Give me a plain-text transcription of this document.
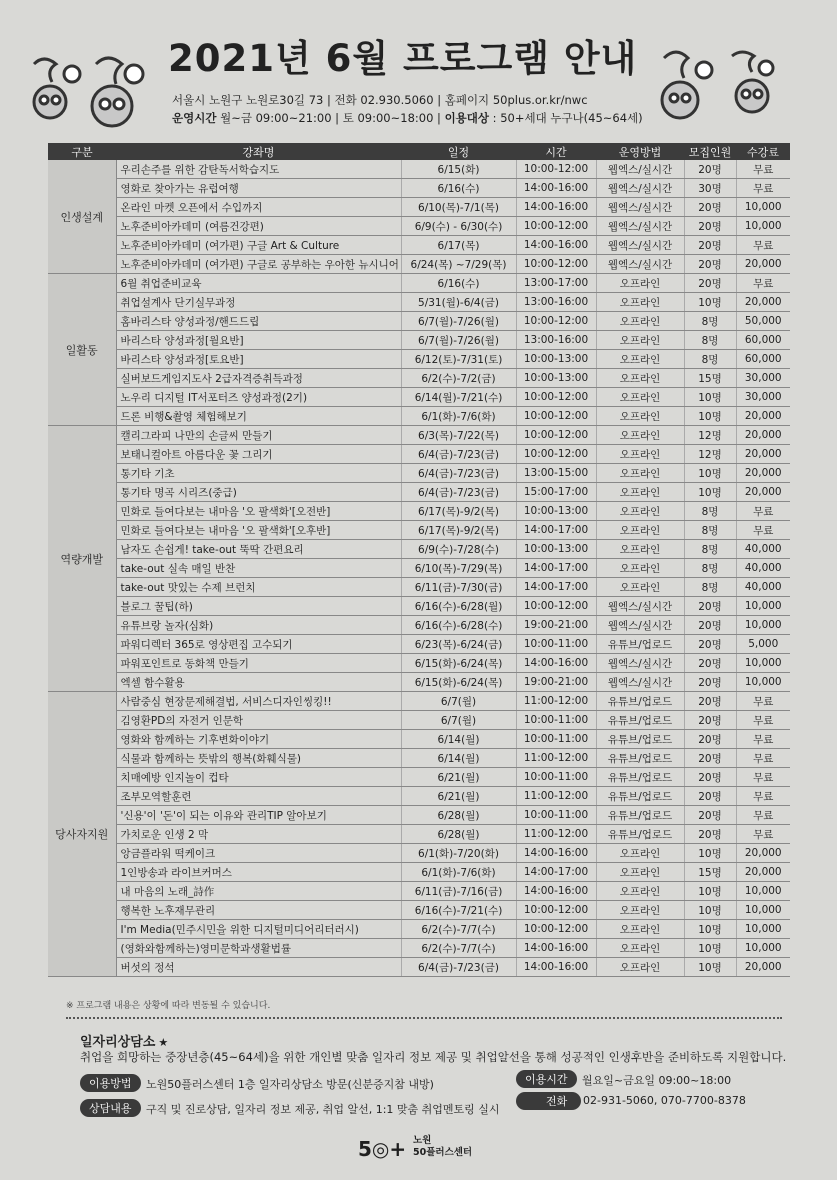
2021년 6월 프로그램 안내
서울시 노원구 노원로30길 73 | 전화 02.930.5060 | 홈페이지 50plus.or.kr/nwc
운영시간 월~금 09:00~21:00 | 토 09:00~18:00 | 이용대상 : 50+세대 누구나(45~64세)
구분	강좌명	일정	시간	운영방법	모집인원	수강료
인생설계	우리손주를 위한 감탄독서학습지도	6/15(화)	10:00-12:00	웹엑스/실시간	20명	무료
	영화로 찾아가는 유럽여행	6/16(수)	14:00-16:00	웹엑스/실시간	30명	무료
	온라인 마켓 오픈에서 수입까지	6/10(목)-7/1(목)	14:00-16:00	웹엑스/실시간	20명	10,000
	노후준비아카데미 (여름건강편)	6/9(수) - 6/30(수)	10:00-12:00	웹엑스/실시간	20명	10,000
	노후준비아카데미 (여가편) 구글 Art & Culture	6/17(목)	14:00-16:00	웹엑스/실시간	20명	무료
	노후준비아카데미 (여가편) 구글로 공부하는 우아한 뉴시니어	6/24(목) ~7/29(목)	10:00-12:00	웹엑스/실시간	20명	20,000
일활동	6월 취업준비교육	6/16(수)	13:00-17:00	오프라인	20명	무료
	취업설계사 단기실무과정	5/31(월)-6/4(금)	13:00-16:00	오프라인	10명	20,000
	홈바리스타 양성과정/핸드드립	6/7(월)-7/26(월)	10:00-12:00	오프라인	8명	50,000
	바리스타 양성과정[월요반]	6/7(월)-7/26(월)	13:00-16:00	오프라인	8명	60,000
	바리스타 양성과정[토요반]	6/12(토)-7/31(토)	10:00-13:00	오프라인	8명	60,000
	실버보드게임지도사 2급자격증취득과정	6/2(수)-7/2(금)	10:00-13:00	오프라인	15명	30,000
	노우리 디지털 IT서포터즈 양성과정(2기)	6/14(월)-7/21(수)	10:00-12:00	오프라인	10명	30,000
	드론 비행&촬영 체험해보기	6/1(화)-7/6(화)	10:00-12:00	오프라인	10명	20,000
역량개발	캘리그라피 나만의 손글씨 만들기	6/3(목)-7/22(목)	10:00-12:00	오프라인	12명	20,000
	보태니컬아트 아름다운 꽃 그리기	6/4(금)-7/23(금)	10:00-12:00	오프라인	12명	20,000
	통기타 기초	6/4(금)-7/23(금)	13:00-15:00	오프라인	10명	20,000
	통기타 명곡 시리즈(중급)	6/4(금)-7/23(금)	15:00-17:00	오프라인	10명	20,000
	민화로 들여다보는 내마음 '오 팔색화'[오전반]	6/17(목)-9/2(목)	10:00-13:00	오프라인	8명	무료
	민화로 들여다보는 내마음 '오 팔색화'[오후반]	6/17(목)-9/2(목)	14:00-17:00	오프라인	8명	무료
	남자도 손쉽게! take-out 뚝딱 간편요리	6/9(수)-7/28(수)	10:00-13:00	오프라인	8명	40,000
	take-out 실속 매일 반찬	6/10(목)-7/29(목)	14:00-17:00	오프라인	8명	40,000
	take-out 맛있는 수제 브런치	6/11(금)-7/30(금)	14:00-17:00	오프라인	8명	40,000
	블로그 꿀팁(하)	6/16(수)-6/28(월)	10:00-12:00	웹엑스/실시간	20명	10,000
	유튜브랑 놀자(심화)	6/16(수)-6/28(수)	19:00-21:00	웹엑스/실시간	20명	10,000
	파워디렉터 365로 영상편집 고수되기	6/23(목)-6/24(금)	10:00-11:00	유튜브/업로드	20명	5,000
	파워포인트로 동화책 만들기	6/15(화)-6/24(목)	14:00-16:00	웹엑스/실시간	20명	10,000
	엑셀 함수활용	6/15(화)-6/24(목)	19:00-21:00	웹엑스/실시간	20명	10,000
당사자지원	사람중심 현장문제해결법, 서비스디자인씽킹!!	6/7(월)	11:00-12:00	유튜브/업로드	20명	무료
	김영환PD의 자전거 인문학	6/7(월)	10:00-11:00	유튜브/업로드	20명	무료
	영화와 함께하는 기후변화이야기	6/14(월)	10:00-11:00	유튜브/업로드	20명	무료
	식물과 함께하는 뜻밖의 행복(화훼식물)	6/14(월)	11:00-12:00	유튜브/업로드	20명	무료
	치매예방 인지놀이 컵타	6/21(월)	10:00-11:00	유튜브/업로드	20명	무료
	조부모역할훈련	6/21(월)	11:00-12:00	유튜브/업로드	20명	무료
	'신용'이 '돈'이 되는 이유와 관리TIP 알아보기	6/28(월)	10:00-11:00	유튜브/업로드	20명	무료
	가치로운 인생 2 막	6/28(월)	11:00-12:00	유튜브/업로드	20명	무료
	앙금플라워 떡케이크	6/1(화)-7/20(화)	14:00-16:00	오프라인	10명	20,000
	1인방송과 라이브커머스	6/1(화)-7/6(화)	14:00-17:00	오프라인	15명	20,000
	내 마음의 노래_詩作	6/11(금)-7/16(금)	14:00-16:00	오프라인	10명	10,000
	행복한 노후재무관리	6/16(수)-7/21(수)	10:00-12:00	오프라인	10명	10,000
	I'm Media(민주시민을 위한 디지털미디어리터러시)	6/2(수)-7/7(수)	10:00-12:00	오프라인	10명	10,000
	(영화와함께하는)영미문학과생활법률	6/2(수)-7/7(수)	14:00-16:00	오프라인	10명	10,000
	버섯의 정석	6/4(금)-7/23(금)	14:00-16:00	오프라인	10명	20,000
※ 프로그램 내용은 상황에 따라 변동될 수 있습니다.
일자리상담소 ★
취업을 희망하는 중장년층(45~64세)을 위한 개인별 맞춤 일자리 정보 제공 및 취업알선을 통해 성공적인 인생후반을 준비하도록 지원합니다.
이용방법	노원50플러스센터 1층 일자리상담소 방문(신분증지참 내방)	이용시간	월요일~금요일 09:00~18:00
상담내용	구직 및 진로상담, 일자리 정보 제공, 취업 알선, 1:1 맞춤 취업멘토링 실시
전화	02-931-5060, 070-7700-8378
5◎+ 노원
50플러스센터
